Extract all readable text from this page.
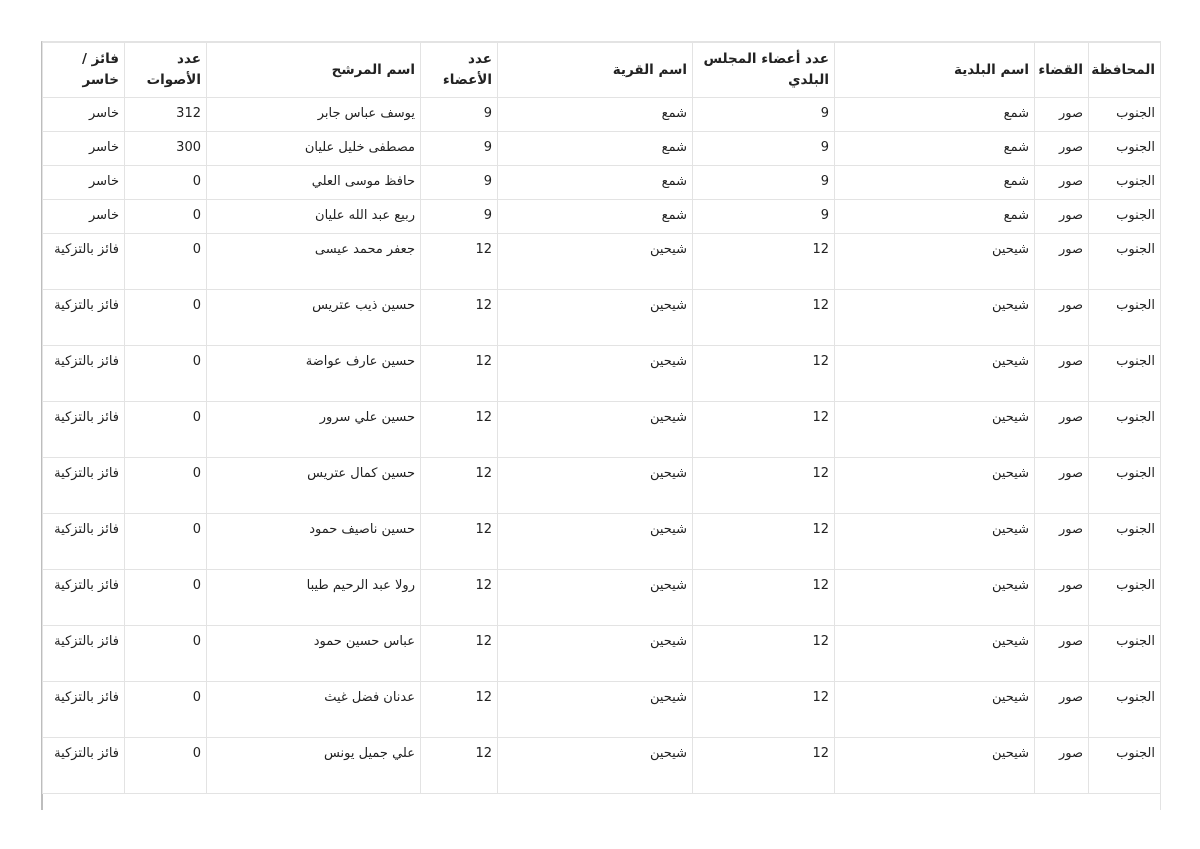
المحافظة	القضاء	اسم البلدية	عدد أعضاء المجلس البلدي	اسم القرية	عدد الأعضاء	اسم المرشح	عدد الأصوات	فائز / خاسر
الجنوب	صور	شمع	9	شمع	9	يوسف عباس جابر	312	خاسر
الجنوب	صور	شمع	9	شمع	9	مصطفى خليل عليان	300	خاسر
الجنوب	صور	شمع	9	شمع	9	حافظ موسى العلي	0	خاسر
الجنوب	صور	شمع	9	شمع	9	ربيع عبد الله عليان	0	خاسر
الجنوب	صور	شيحين	12	شيحين	12	جعفر محمد عيسى	0	فائز بالتزكية
الجنوب	صور	شيحين	12	شيحين	12	حسين ذيب عتريس	0	فائز بالتزكية
الجنوب	صور	شيحين	12	شيحين	12	حسين عارف عواضة	0	فائز بالتزكية
الجنوب	صور	شيحين	12	شيحين	12	حسين علي سرور	0	فائز بالتزكية
الجنوب	صور	شيحين	12	شيحين	12	حسين كمال عتريس	0	فائز بالتزكية
الجنوب	صور	شيحين	12	شيحين	12	حسين ناصيف حمود	0	فائز بالتزكية
الجنوب	صور	شيحين	12	شيحين	12	رولا عبد الرحيم طيبا	0	فائز بالتزكية
الجنوب	صور	شيحين	12	شيحين	12	عباس حسين حمود	0	فائز بالتزكية
الجنوب	صور	شيحين	12	شيحين	12	عدنان فضل غيث	0	فائز بالتزكية
الجنوب	صور	شيحين	12	شيحين	12	علي جميل يونس	0	فائز بالتزكية
